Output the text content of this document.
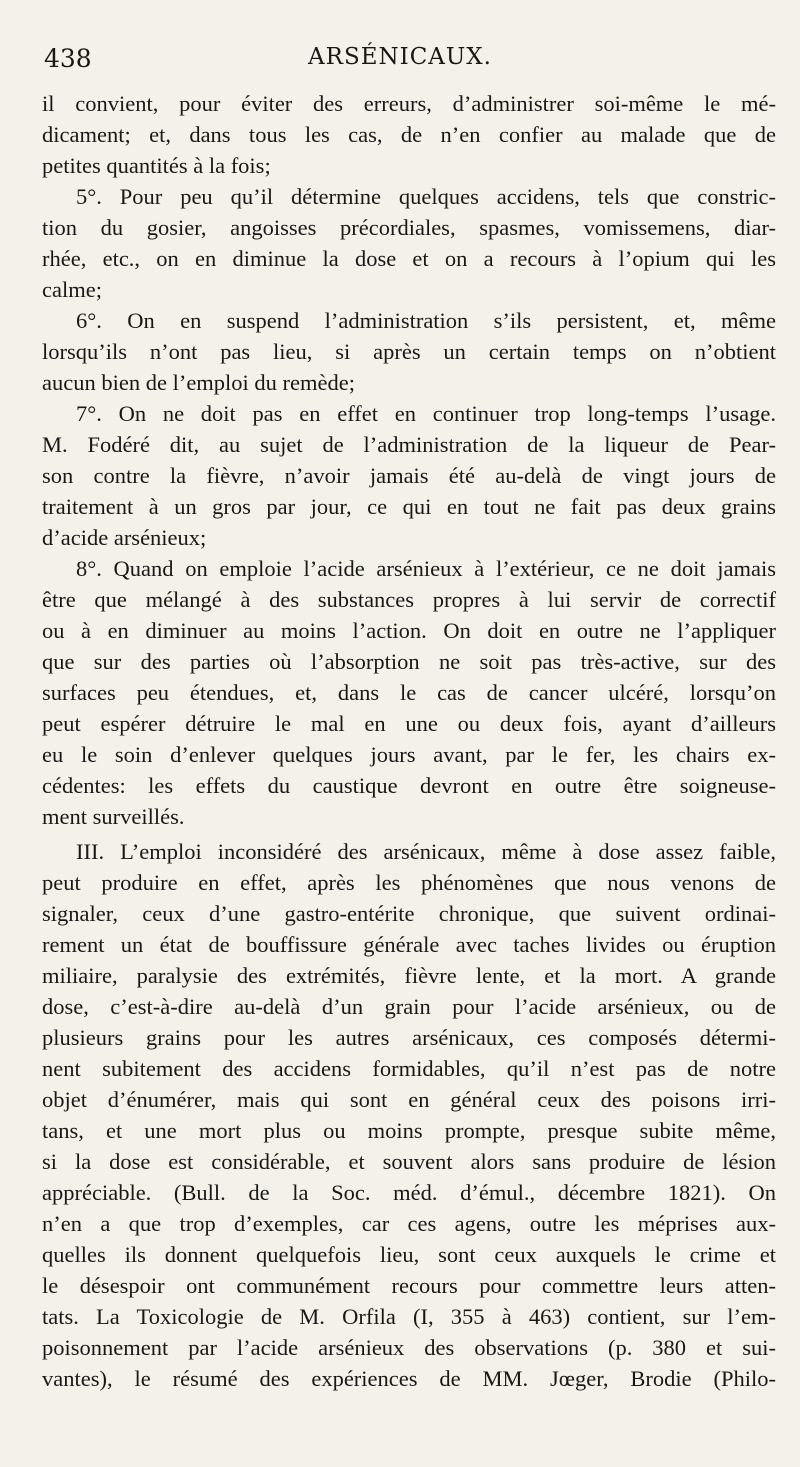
438	ARSÉNICAUX.
il convient, pour éviter des erreurs, d’administrer soi-même le mé-
dicament; et, dans tous les cas, de n’en confier au malade que de
petites quantités à la fois;
5°. Pour peu qu’il détermine quelques accidens, tels que constric-
tion du gosier, angoisses précordiales, spasmes, vomissemens, diar-
rhée, etc., on en diminue la dose et on a recours à l’opium qui les
calme;
6°. On en suspend l’administration s’ils persistent, et, même
lorsqu’ils n’ont pas lieu, si après un certain temps on n’obtient
aucun bien de l’emploi du remède;
7°. On ne doit pas en effet en continuer trop long-temps l’usage.
M. Fodéré dit, au sujet de l’administration de la liqueur de Pear-
son contre la fièvre, n’avoir jamais été au-delà de vingt jours de
traitement à un gros par jour, ce qui en tout ne fait pas deux grains
d’acide arsénieux;
8°. Quand on emploie l’acide arsénieux à l’extérieur, ce ne doit jamais
être que mélangé à des substances propres à lui servir de correctif
ou à en diminuer au moins l’action. On doit en outre ne l’appliquer
que sur des parties où l’absorption ne soit pas très-active, sur des
surfaces peu étendues, et, dans le cas de cancer ulcéré, lorsqu’on
peut espérer détruire le mal en une ou deux fois, ayant d’ailleurs
eu le soin d’enlever quelques jours avant, par le fer, les chairs ex-
cédentes: les effets du caustique devront en outre être soigneuse-
ment surveillés.
III. L’emploi inconsidéré des arsénicaux, même à dose assez faible,
peut produire en effet, après les phénomènes que nous venons de
signaler, ceux d’une gastro-entérite chronique, que suivent ordinai-
rement un état de bouffissure générale avec taches livides ou éruption
miliaire, paralysie des extrémités, fièvre lente, et la mort. A grande
dose, c’est-à-dire au-delà d’un grain pour l’acide arsénieux, ou de
plusieurs grains pour les autres arsénicaux, ces composés détermi-
nent subitement des accidens formidables, qu’il n’est pas de notre
objet d’énumérer, mais qui sont en général ceux des poisons irri-
tans, et une mort plus ou moins prompte, presque subite même,
si la dose est considérable, et souvent alors sans produire de lésion
appréciable. (Bull. de la Soc. méd. d’émul., décembre 1821). On
n’en a que trop d’exemples, car ces agens, outre les méprises aux-
quelles ils donnent quelquefois lieu, sont ceux auxquels le crime et
le désespoir ont communément recours pour commettre leurs atten-
tats. La Toxicologie de M. Orfila (I, 355 à 463) contient, sur l’em-
poisonnement par l’acide arsénieux des observations (p. 380 et sui-
vantes), le résumé des expériences de MM. Jœger, Brodie (Philo-
